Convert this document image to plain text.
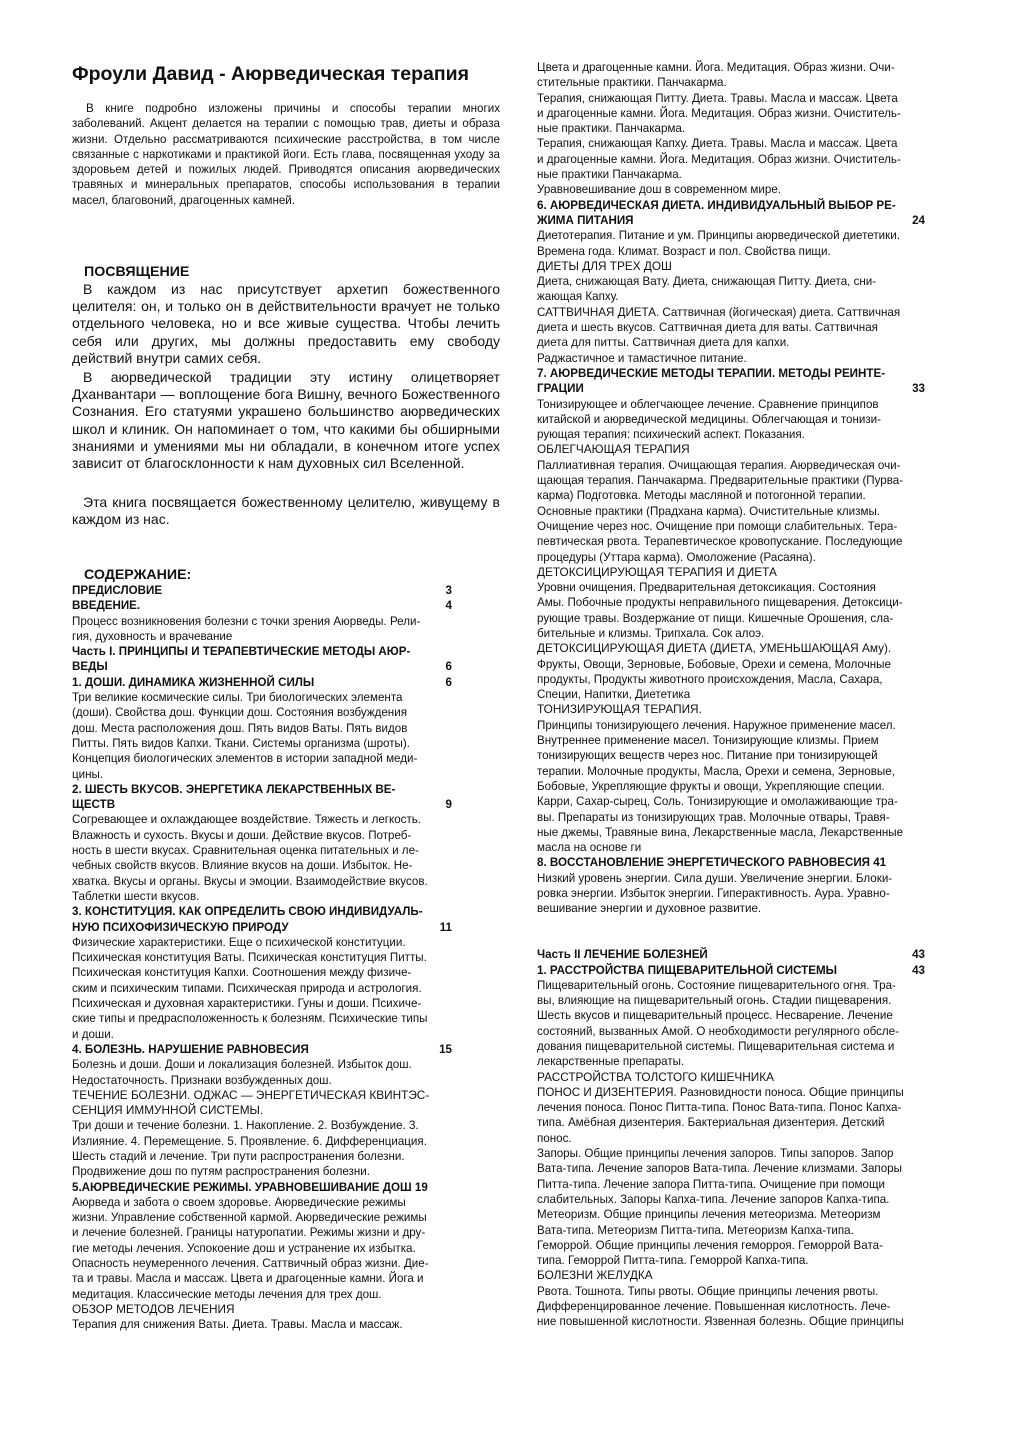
Фроули Давид - Аюрведическая терапия
В книге подробно изложены причины и способы терапии многих заболеваний. Акцент делается на терапии с помощью трав, диеты и образа жизни. Отдельно рассматриваются психические расстройства, в том числе связанные с наркотиками и практикой йоги. Есть глава, посвященная уходу за здоровьем детей и пожилых людей. Приводятся описания аюрведических травяных и минеральных препаратов, способы использования в терапии масел, благовоний, драгоценных камней.
ПОСВЯЩЕНИЕ
В каждом из нас присутствует архетип божественного целителя: он, и только он в действительности врачует не только отдельного человека, но и все живые существа. Чтобы лечить себя или других, мы должны предоставить ему свободу действий внутри самих себя.
В аюрведической традиции эту истину олицетворяет Дханвантари — воплощение бога Вишну, вечного Божественного Сознания. Его статуями украшено большинство аюрведических школ и клиник. Он напоминает о том, что какими бы обширными знаниями и умениями мы ни обладали, в конечном итоге успех зависит от благосклонности к нам духовных сил Вселенной.
Эта книга посвящается божественному целителю, живущему в каждом из нас.
СОДЕРЖАНИЕ:
ПРЕДИСЛОВИЕ	3
ВВЕДЕНИЕ.	4
Процесс возникновения болезни с точки зрения Аюрведы. Рели-
гия, духовность и врачевание
Часть I. ПРИНЦИПЫ И ТЕРАПЕВТИЧЕСКИЕ МЕТОДЫ АЮР-
ВЕДЫ	6
1. ДОШИ. ДИНАМИКА ЖИЗНЕННОЙ СИЛЫ	6
Три великие космические силы. Три биологических элемента
(доши). Свойства дош. Функции дош. Состояния возбуждения
дош. Места расположения дош. Пять видов Ваты. Пять видов
Питты. Пять видов Капхи. Ткани. Системы организма (шроты).
Концепция биологических элементов в истории западной меди-
цины.
2. ШЕСТЬ ВКУСОВ. ЭНЕРГЕТИКА ЛЕКАРСТВЕННЫХ ВЕ-
ЩЕСТВ	9
Согревающее и охлаждающее воздействие. Тяжесть и легкость.
Влажность и сухость. Вкусы и доши. Действие вкусов. Потреб-
ность в шести вкусах. Сравнительная оценка питательных и ле-
чебных свойств вкусов. Влияние вкусов на доши. Избыток. Не-
хватка. Вкусы и органы. Вкусы и эмоции. Взаимодействие вкусов.
Таблетки шести вкусов.
3. КОНСТИТУЦИЯ. КАК ОПРЕДЕЛИТЬ СВОЮ ИНДИВИДУАЛЬ-
НУЮ ПСИХОФИЗИЧЕСКУЮ ПРИРОДУ	11
Физические характеристики. Еще о психической конституции.
Психическая конституция Ваты. Психическая конституция Питты.
Психическая конституция Капхи. Соотношения между физиче-
ским и психическим типами. Психическая природа и астрология.
Психическая и духовная характеристики. Гуны и доши. Психиче-
ские типы и предрасположенность к болезням. Психические типы
и доши.
4. БОЛЕЗНЬ. НАРУШЕНИЕ РАВНОВЕСИЯ	15
Болезнь и доши. Доши и локализация болезней. Избыток дош.
Недостаточность. Признаки возбужденных дош.
ТЕЧЕНИЕ БОЛЕЗНИ. ОДЖАС — ЭНЕРГЕТИЧЕСКАЯ КВИНТЭС-
СЕНЦИЯ ИММУННОЙ СИСТЕМЫ.
Три доши и течение болезни. 1. Накопление. 2. Возбуждение. 3.
Излияние. 4. Перемещение. 5. Проявление. 6. Дифференциация.
Шесть стадий и лечение. Три пути распространения болезни.
Продвижение дош по путям распространения болезни.
5.АЮРВЕДИЧЕСКИЕ РЕЖИМЫ. УРАВНОВЕШИВАНИЕ ДОШ 19
Аюрведа и забота о своем здоровье. Аюрведические режимы
жизни. Управление собственной кармой. Аюрведические режимы
и лечение болезней. Границы натуропатии. Режимы жизни и дру-
гие методы лечения. Успокоение дош и устранение их избытка.
Опасность неумеренного лечения. Саттвичный образ жизни. Дие-
та и травы. Масла и массаж. Цвета и драгоценные камни. Йога и
медитация. Классические методы лечения для трех дош.
ОБЗОР МЕТОДОВ ЛЕЧЕНИЯ
Терапия для снижения Ваты. Диета. Травы. Масла и массаж.
Цвета и драгоценные камни. Йога. Медитация. Образ жизни. Очи-
стительные практики. Панчакарма.
Терапия, снижающая Питту. Диета. Травы. Масла и массаж. Цвета
и драгоценные камни. Йога. Медитация. Образ жизни. Очиститель-
ные практики. Панчакарма.
Терапия, снижающая Капху. Диета. Травы. Масла и массаж. Цвета
и драгоценные камни. Йога. Медитация. Образ жизни. Очиститель-
ные практики Панчакарма.
Уравновешивание дош в современном мире.
6. АЮРВЕДИЧЕСКАЯ ДИЕТА. ИНДИВИДУАЛЬНЫЙ ВЫБОР РЕ-
ЖИМА ПИТАНИЯ	24
Диетотерапия. Питание и ум. Принципы аюрведической диететики.
Времена года. Климат. Возраст и пол. Свойства пищи.
ДИЕТЫ ДЛЯ ТРЕХ ДОШ
Диета, снижающая Вату. Диета, снижающая Питту. Диета, сни-
жающая Капху.
САТТВИЧНАЯ ДИЕТА. Саттвичная (йогическая) диета. Саттвичная
диета и шесть вкусов. Саттвичная диета для ваты. Саттвичная
диета для питты. Саттвичная диета для капхи.
Раджастичное и тамастичное питание.
7. АЮРВЕДИЧЕСКИЕ МЕТОДЫ ТЕРАПИИ. МЕТОДЫ РЕИНТЕ-
ГРАЦИИ	33
Тонизирующее и облегчающее лечение. Сравнение принципов
китайской и аюрведической медицины. Облегчающая и тонизи-
рующая терапия: психический аспект. Показания.
ОБЛЕГЧАЮЩАЯ ТЕРАПИЯ
Паллиативная терапия. Очищающая терапия. Аюрведическая очи-
щающая терапия. Панчакарма. Предварительные практики (Пурва-
карма) Подготовка. Методы масляной и потогонной терапии.
Основные практики (Прадхана карма). Очистительные клизмы.
Очищение через нос. Очищение при помощи слабительных. Тера-
певтическая рвота. Терапевтическое кровопускание. Последующие
процедуры (Уттара карма). Омоложение (Расаяна).
ДЕТОКСИЦИРУЮЩАЯ ТЕРАПИЯ И ДИЕТА
Уровни очищения. Предварительная детоксикация. Состояния
Амы. Побочные продукты неправильного пищеварения. Детоксици-
рующие травы. Воздержание от пищи. Кишечные Орошения, сла-
бительные и клизмы. Трипхала. Сок алоэ.
ДЕТОКСИЦИРУЮЩАЯ ДИЕТА (ДИЕТА, УМЕНЬШАЮЩАЯ Аму).
Фрукты, Овощи, Зерновые, Бобовые, Орехи и семена, Молочные
продукты, Продукты животного происхождения, Масла, Сахара,
Специи, Напитки, Диететика
ТОНИЗИРУЮЩАЯ ТЕРАПИЯ.
Принципы тонизирующего лечения. Наружное применение масел.
Внутреннее применение масел. Тонизирующие клизмы. Прием
тонизирующих веществ через нос. Питание при тонизирующей
терапии. Молочные продукты, Масла, Орехи и семена, Зерновые,
Бобовые, Укрепляющие фрукты и овощи, Укрепляющие специи.
Карри, Сахар-сырец, Соль. Тонизирующие и омолаживающие тра-
вы. Препараты из тонизирующих трав. Молочные отвары, Травя-
ные джемы, Травяные вина, Лекарственные масла, Лекарственные
масла на основе ги
8. ВОССТАНОВЛЕНИЕ ЭНЕРГЕТИЧЕСКОГО РАВНОВЕСИЯ 41
Низкий уровень энергии. Сила души. Увеличение энергии. Блоки-
ровка энергии. Избыток энергии. Гиперактивность. Аура. Уравно-
вешивание энергии и духовное развитие.
Часть II ЛЕЧЕНИЕ БОЛЕЗНЕЙ	43
1. РАССТРОЙСТВА ПИЩЕВАРИТЕЛЬНОЙ СИСТЕМЫ	43
Пищеварительный огонь. Состояние пищеварительного огня. Тра-
вы, влияющие на пищеварительный огонь. Стадии пищеварения.
Шесть вкусов и пищеварительный процесс. Несварение. Лечение
состояний, вызванных Амой. О необходимости регулярного обсле-
дования пищеварительной системы. Пищеварительная система и
лекарственные препараты.
РАССТРОЙСТВА ТОЛСТОГО КИШЕЧНИКА
ПОНОС И ДИЗЕНТЕРИЯ. Разновидности поноса. Общие принципы
лечения поноса. Понос Питта-типа. Понос Вата-типа. Понос Капха-
типа. Амёбная дизентерия. Бактериальная дизентерия. Детский
понос.
Запоры. Общие принципы лечения запоров. Типы запоров. Запор
Вата-типа. Лечение запоров Вата-типа. Лечение клизмами. Запоры
Питта-типа. Лечение запора Питта-типа. Очищение при помощи
слабительных. Запоры Капха-типа. Лечение запоров Капха-типа.
Метеоризм. Общие принципы лечения метеоризма. Метеоризм
Вата-типа. Метеоризм Питта-типа. Метеоризм Капха-типа.
Геморрой. Общие принципы лечения геморроя. Геморрой Вата-
типа. Геморрой Питта-типа. Геморрой Капха-типа.
БОЛЕЗНИ ЖЕЛУДКА
Рвота. Тошнота. Типы рвоты. Общие принципы лечения рвоты.
Дифференцированное лечение. Повышенная кислотность. Лече-
ние повышенной кислотности. Язвенная болезнь. Общие принципы
